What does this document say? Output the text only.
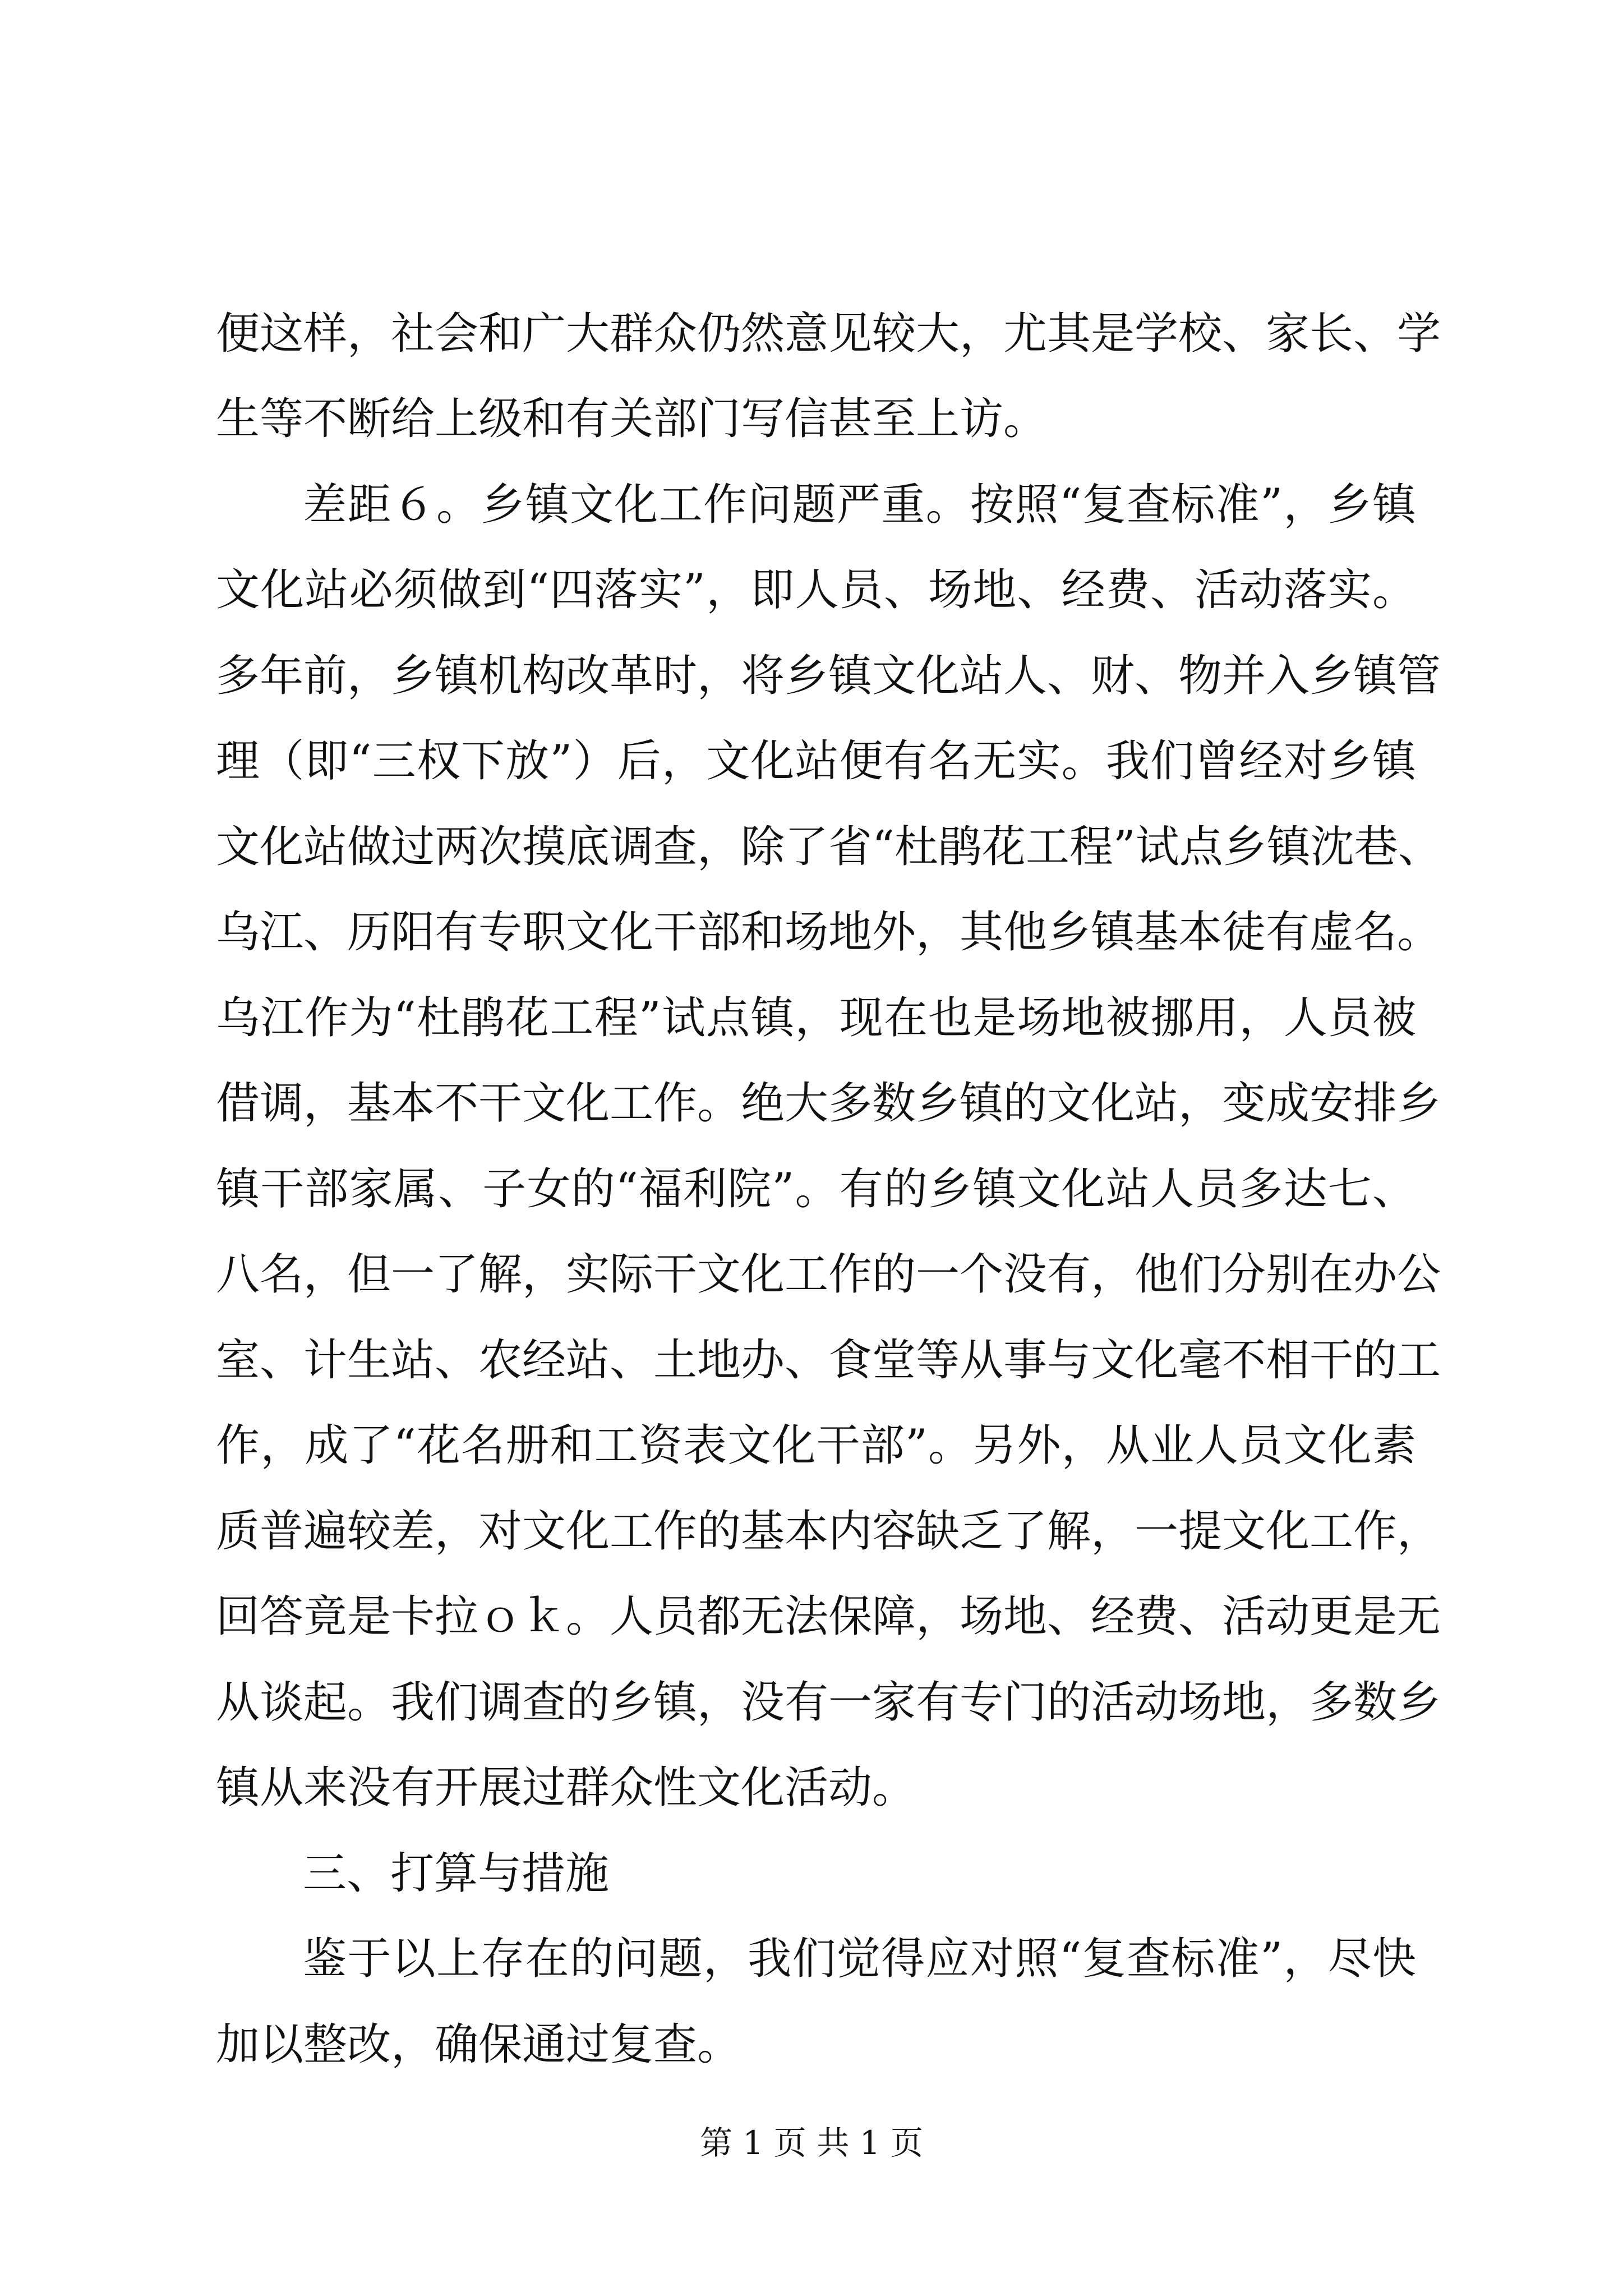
便这样，社会和广大群众仍然意见较大，尤其是学校、家长、学
生等不断给上级和有关部门写信甚至上访。
差距６。乡镇文化工作问题严重。按照“复查标准”，乡镇
文化站必须做到“四落实”，即人员、场地、经费、活动落实。
多年前，乡镇机构改革时，将乡镇文化站人、财、物并入乡镇管
理（即“三权下放”）后，文化站便有名无实。我们曾经对乡镇
文化站做过两次摸底调查，除了省“杜鹃花工程”试点乡镇沈巷、
乌江、历阳有专职文化干部和场地外，其他乡镇基本徒有虚名。
乌江作为“杜鹃花工程”试点镇，现在也是场地被挪用，人员被
借调，基本不干文化工作。绝大多数乡镇的文化站，变成安排乡
镇干部家属、子女的“福利院”。有的乡镇文化站人员多达七、
八名，但一了解，实际干文化工作的一个没有，他们分别在办公
室、计生站、农经站、土地办、食堂等从事与文化毫不相干的工
作，成了“花名册和工资表文化干部”。另外，从业人员文化素
质普遍较差，对文化工作的基本内容缺乏了解，一提文化工作，
回答竟是卡拉ｏｋ。人员都无法保障，场地、经费、活动更是无
从谈起。我们调查的乡镇，没有一家有专门的活动场地，多数乡
镇从来没有开展过群众性文化活动。
三、打算与措施
鉴于以上存在的问题，我们觉得应对照“复查标准”，尽快
加以整改，确保通过复查。
第 1 页 共 1 页
